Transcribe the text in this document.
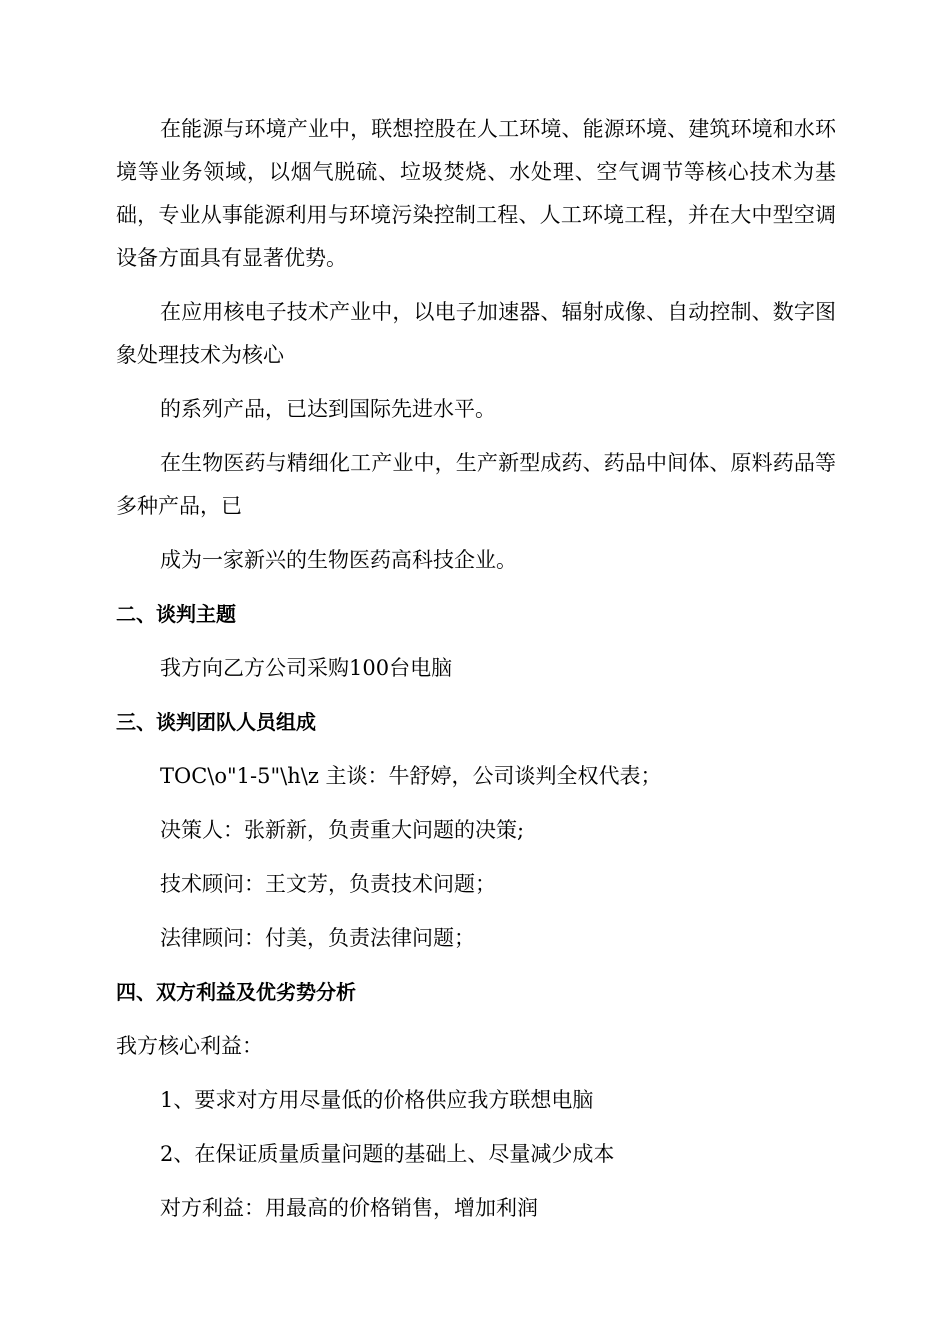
在能源与环境产业中，联想控股在人工环境、能源环境、建筑环境和水环境等业务领域，以烟气脱硫、垃圾焚烧、水处理、空气调节等核心技术为基础，专业从事能源利用与环境污染控制工程、人工环境工程，并在大中型空调设备方面具有显著优势。

在应用核电子技术产业中，以电子加速器、辐射成像、自动控制、数字图象处理技术为核心

的系列产品，已达到国际先进水平。

在生物医药与精细化工产业中，生产新型成药、药品中间体、原料药品等多种产品，已

成为一家新兴的生物医药高科技企业。

二、谈判主题

我方向乙方公司采购100台电脑

三、谈判团队人员组成

TOC\o"1-5"\h\z 主谈：牛舒婷，公司谈判全权代表；

决策人：张新新，负责重大问题的决策;

技术顾问：王文芳，负责技术问题；

法律顾问：付美，负责法律问题；

四、双方利益及优劣势分析

我方核心利益：

1、要求对方用尽量低的价格供应我方联想电脑

2、在保证质量质量问题的基础上、尽量减少成本

对方利益：用最高的价格销售，增加利润
